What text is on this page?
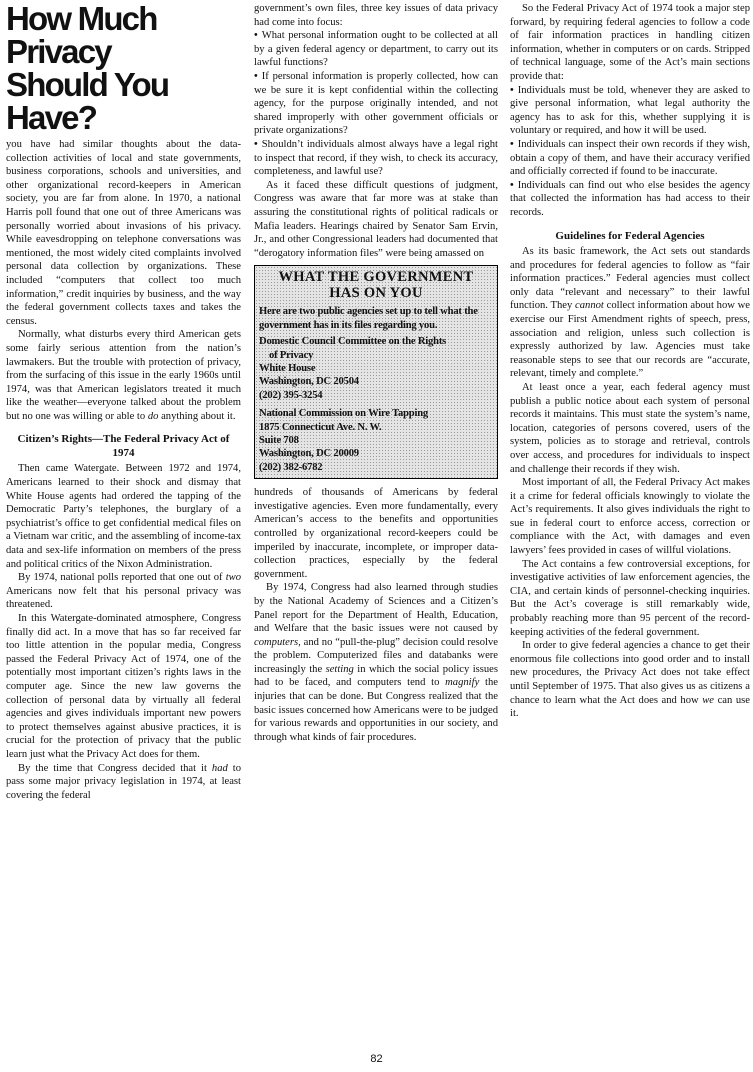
How Much Privacy
Should You Have?

you have had similar thoughts about the data-collection activities of local and state governments, business corporations, schools and universities, and other organizational record-keepers in American society, you are far from alone. In 1970, a national Harris poll found that one out of three Americans was personally worried about invasions of his privacy. While eavesdropping on telephone conversations was mentioned, the most widely cited complaints involved personal data collection by organizations. These included “computers that collect too much information,” credit inquiries by business, and the way the federal government collects taxes and takes the census.

Normally, what disturbs every third American gets some fairly serious attention from the nation’s lawmakers. But the trouble with protection of privacy, from the surfacing of this issue in the early 1960s until 1974, was that American legislators treated it much like the weather—everyone talked about the problem but no one was willing or able to do anything about it.

Citizen’s Rights—The Federal Privacy Act of 1974

Then came Watergate. Between 1972 and 1974, Americans learned to their shock and dismay that White House agents had ordered the tapping of the Democratic Party’s telephones, the burglary of a psychiatrist’s office to get confidential medical files on a Vietnam war critic, and the assembling of income-tax data and sex-life information on members of the press and political critics of the Nixon Administration.

By 1974, national polls reported that one out of two Americans now felt that his personal privacy was threatened.

In this Watergate-dominated atmosphere, Congress finally did act. In a move that has so far received far too little attention in the popular media, Congress passed the Federal Privacy Act of 1974, one of the potentially most important citizen’s rights laws in the computer age. Since the new law governs the collection of personal data by virtually all federal agencies and gives individuals important new powers to protect themselves against abusive practices, it is crucial for the protection of privacy that the public learn just what the Privacy Act does for them.

By the time that Congress decided that it had to pass some major privacy legislation in 1974, at least covering the federal

government’s own files, three key issues of data privacy had come into focus:

• What personal information ought to be collected at all by a given federal agency or department, to carry out its lawful functions?
• If personal information is properly collected, how can we be sure it is kept confidential within the collecting agency, for the purpose originally intended, and not shared improperly with other government officials or private organizations?
• Shouldn’t individuals almost always have a legal right to inspect that record, if they wish, to check its accuracy, completeness, and lawful use?

As it faced these difficult questions of judgment, Congress was aware that far more was at stake than assuring the constitutional rights of political radicals or Mafia leaders. Hearings chaired by Senator Sam Ervin, Jr., and other Congressional leaders had documented that “derogatory information files” were being amassed on

WHAT THE GOVERNMENT
HAS ON YOU
Here are two public agencies set up to tell what the government has in its files regarding you.
Domestic Council Committee on the Rights
of Privacy
White House
Washington, DC 20504
(202) 395-3254
National Commission on Wire Tapping
1875 Connecticut Ave. N. W.
Suite 708
Washington, DC 20009
(202) 382-6782

hundreds of thousands of Americans by federal investigative agencies. Even more fundamentally, every American’s access to the benefits and opportunities controlled by organizational record-keepers could be imperiled by inaccurate, incomplete, or improper data-collection practices, especially by the federal government.

By 1974, Congress had also learned through studies by the National Academy of Sciences and a Citizen’s Panel report for the Department of Health, Education, and Welfare that the basic issues were not caused by computers, and no “pull-the-plug” decision could resolve the problem. Computerized files and databanks were increasingly the setting in which the social policy issues had to be faced, and computers tend to magnify the injuries that can be done. But Congress realized that the basic issues concerned how Americans were to be judged for various rewards and opportunities in our society, and through what kinds of fair procedures.

So the Federal Privacy Act of 1974 took a major step forward, by requiring federal agencies to follow a code of fair information practices in handling citizen information, whether in computers or on cards. Stripped of technical language, some of the Act’s main sections provide that:

• Individuals must be told, whenever they are asked to give personal information, what legal authority the agency has to ask for this, whether supplying it is voluntary or required, and how it will be used.
• Individuals can inspect their own records if they wish, obtain a copy of them, and have their accuracy verified and officially corrected if found to be inaccurate.
• Individuals can find out who else besides the agency that collected the information has had access to their records.
Guidelines for Federal Agencies

As its basic framework, the Act sets out standards and procedures for federal agencies to follow as “fair information practices.” Federal agencies must collect only data “relevant and necessary” to their lawful function. They cannot collect information about how we exercise our First Amendment rights of speech, press, association and religion, unless such collection is expressly authorized by law. Agencies must take reasonable steps to see that our records are “accurate, relevant, timely and complete.”

At least once a year, each federal agency must publish a public notice about each system of personal records it maintains. This must state the system’s name, location, categories of persons covered, users of the system, policies as to storage and retrieval, controls over access, and procedures for individuals to inspect and challenge their records if they wish.

Most important of all, the Federal Privacy Act makes it a crime for federal officials knowingly to violate the Act’s requirements. It also gives individuals the right to sue in federal court to enforce access, correction or compliance with the Act, with damages and even lawyers’ fees provided in cases of willful violations.

The Act contains a few controversial exceptions, for investigative activities of law enforcement agencies, the CIA, and certain kinds of personnel-checking inquiries. But the Act’s coverage is still remarkably wide, probably reaching more than 95 percent of the record-keeping activities of the federal government.

In order to give federal agencies a chance to get their enormous file collections into good order and to install new procedures, the Privacy Act does not take effect until September of 1975. That also gives us as citizens a chance to learn what the Act does and how we can use it.

82
